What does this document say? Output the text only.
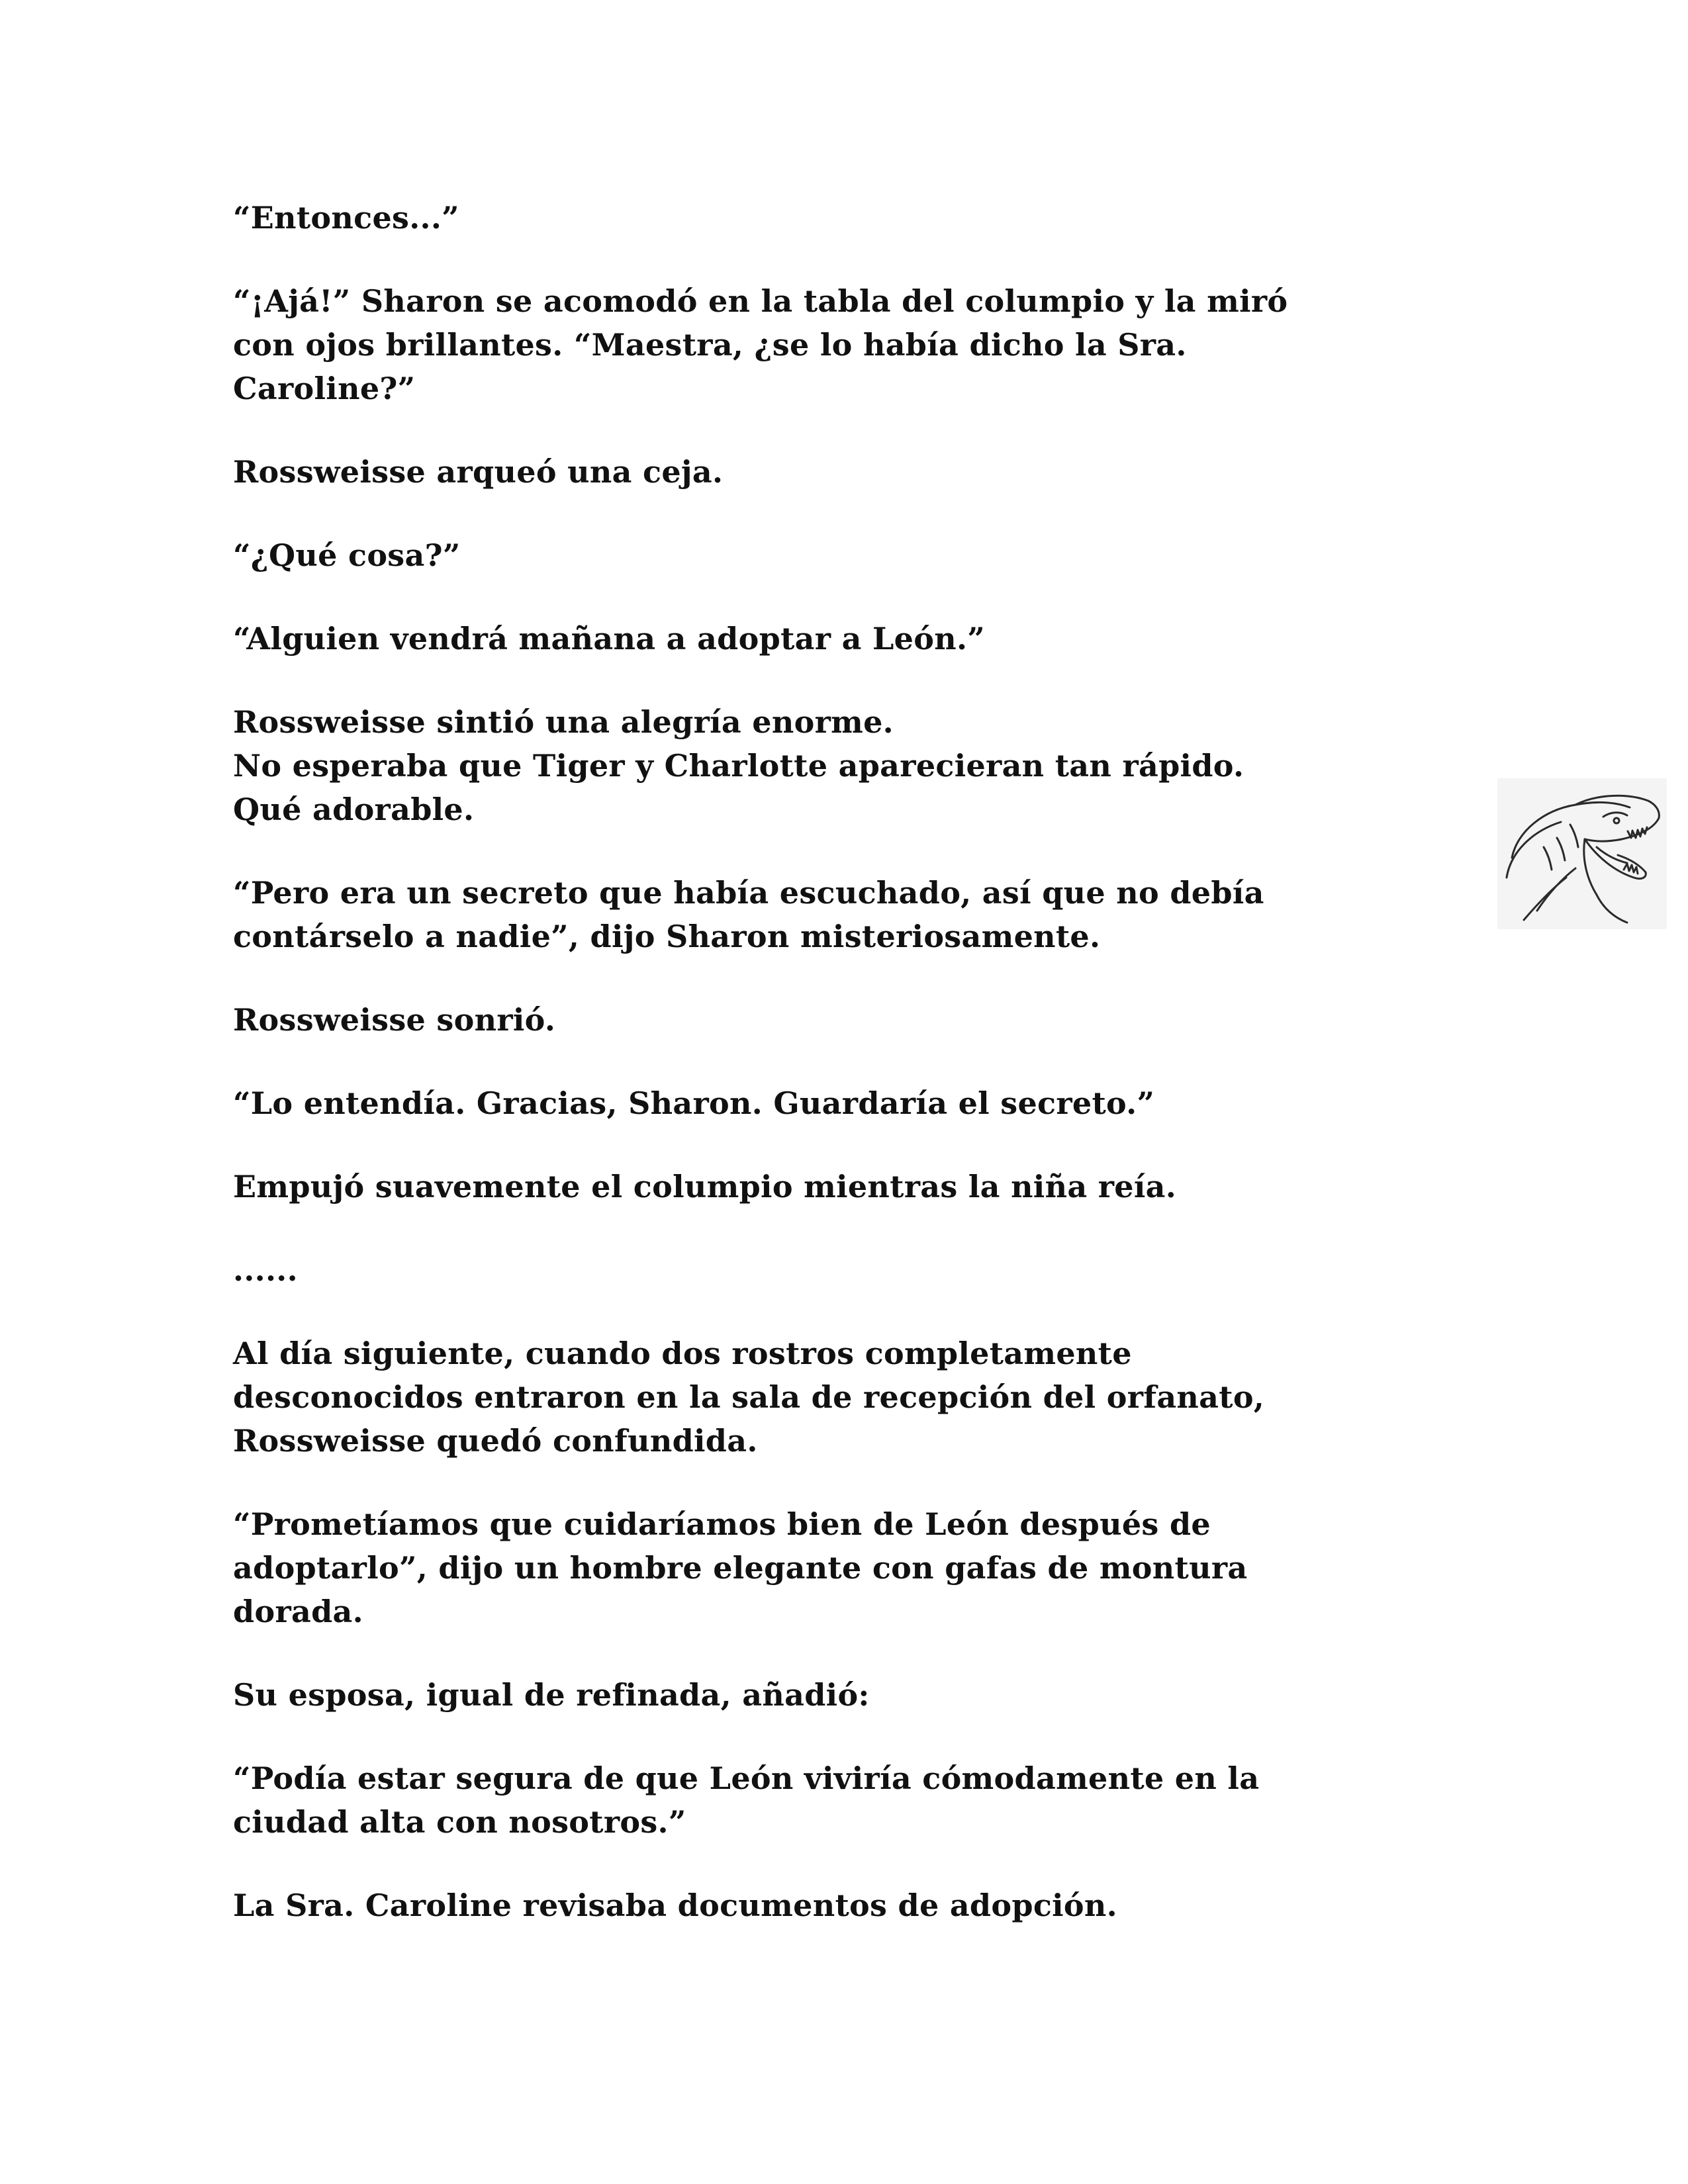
“Entonces...”

“¡Ajá!” Sharon se acomodó en la tabla del columpio y la miró
con ojos brillantes. “Maestra, ¿se lo había dicho la Sra.
Caroline?”

Rossweisse arqueó una ceja.

“¿Qué cosa?”

“Alguien vendrá mañana a adoptar a León.”

Rossweisse sintió una alegría enorme.
No esperaba que Tiger y Charlotte aparecieran tan rápido.
Qué adorable.

“Pero era un secreto que había escuchado, así que no debía
contárselo a nadie”, dijo Sharon misteriosamente.

Rossweisse sonrió.

“Lo entendía. Gracias, Sharon. Guardaría el secreto.”

Empujó suavemente el columpio mientras la niña reía.

......

Al día siguiente, cuando dos rostros completamente
desconocidos entraron en la sala de recepción del orfanato,
Rossweisse quedó confundida.

“Prometíamos que cuidaríamos bien de León después de
adoptarlo”, dijo un hombre elegante con gafas de montura
dorada.

Su esposa, igual de refinada, añadió:

“Podía estar segura de que León viviría cómodamente en la
ciudad alta con nosotros.”

La Sra. Caroline revisaba documentos de adopción.
